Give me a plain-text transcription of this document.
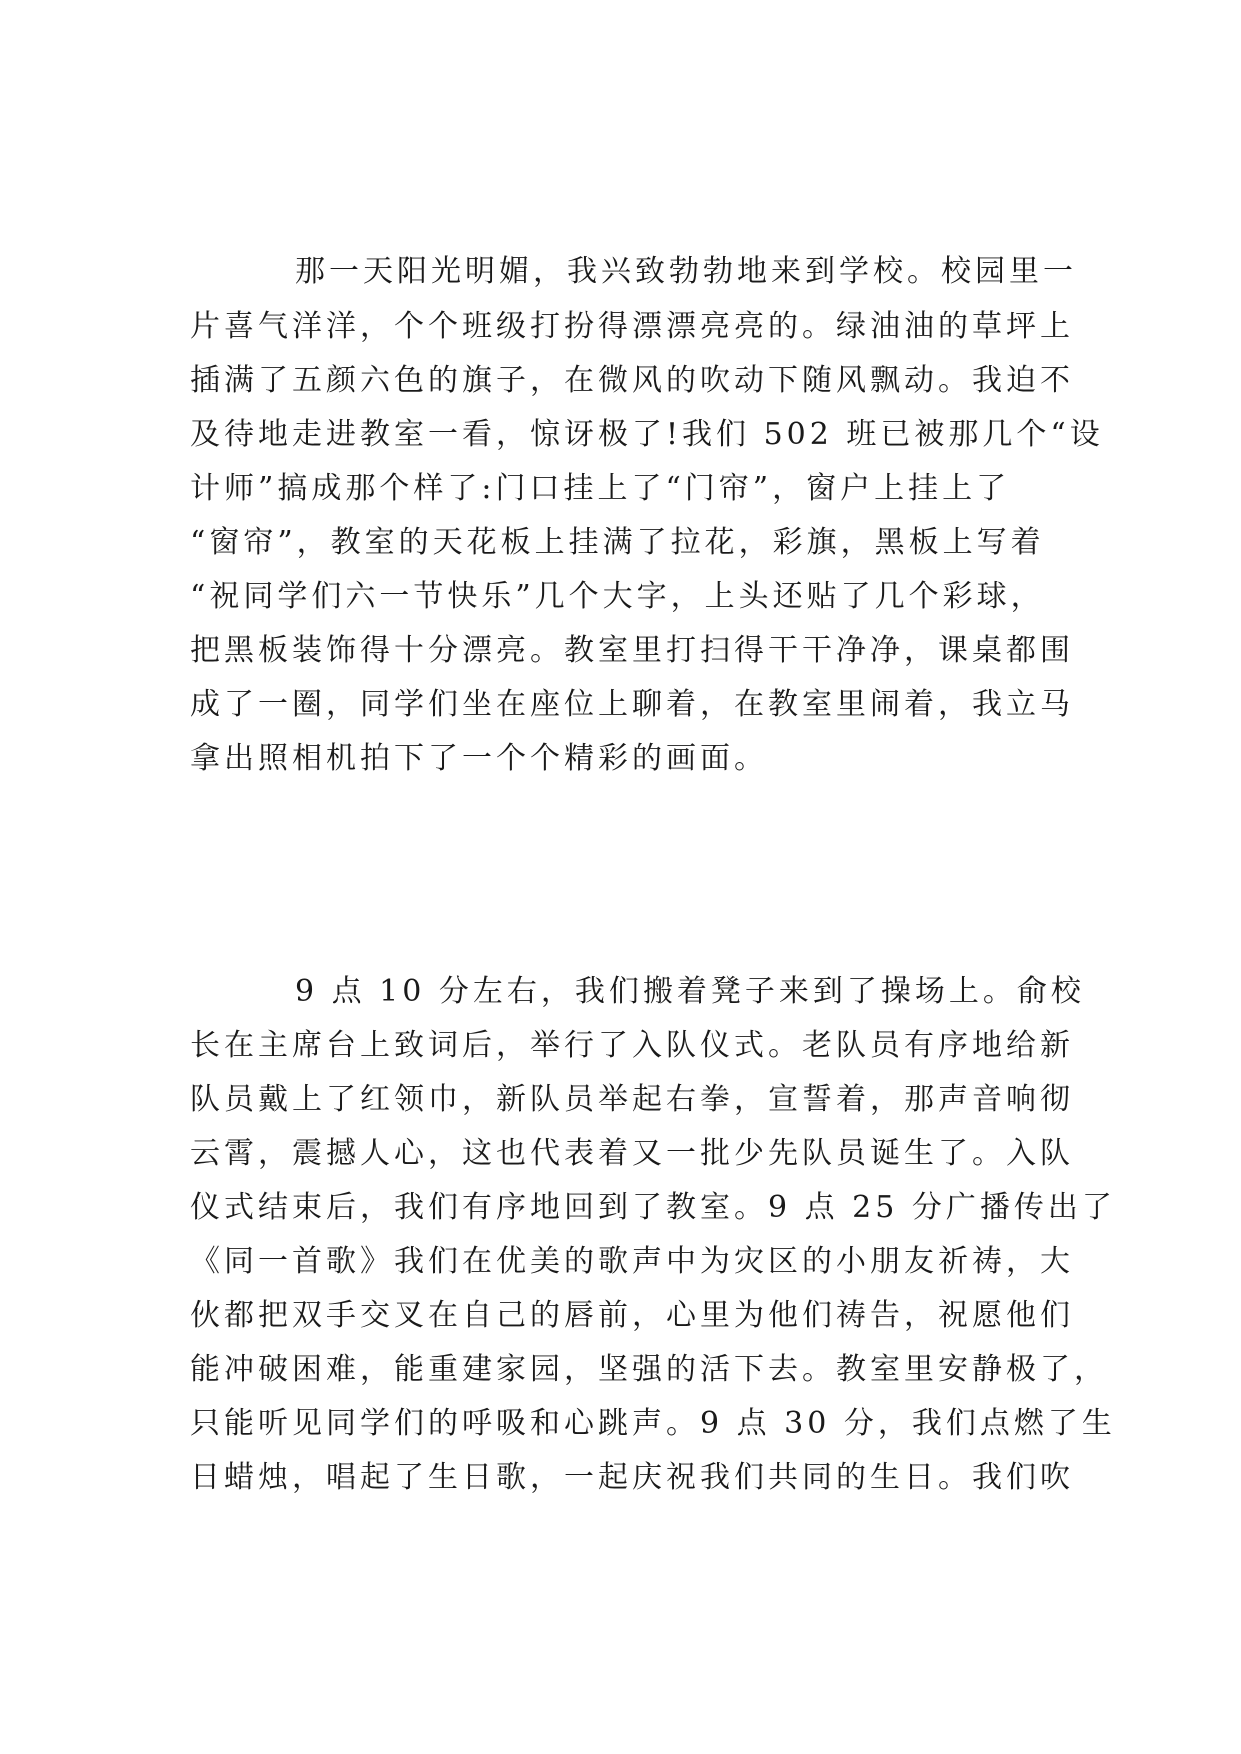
那一天阳光明媚，我兴致勃勃地来到学校。校园里一
片喜气洋洋，个个班级打扮得漂漂亮亮的。绿油油的草坪上
插满了五颜六色的旗子，在微风的吹动下随风飘动。我迫不
及待地走进教室一看，惊讶极了!我们 502 班已被那几个“设
计师”搞成那个样了:门口挂上了“门帘”，窗户上挂上了
“窗帘”，教室的天花板上挂满了拉花，彩旗，黑板上写着
“祝同学们六一节快乐”几个大字，上头还贴了几个彩球，
把黑板装饰得十分漂亮。教室里打扫得干干净净，课桌都围
成了一圈，同学们坐在座位上聊着，在教室里闹着，我立马
拿出照相机拍下了一个个精彩的画面。
9 点 10 分左右，我们搬着凳子来到了操场上。俞校
长在主席台上致词后，举行了入队仪式。老队员有序地给新
队员戴上了红领巾，新队员举起右拳，宣誓着，那声音响彻
云霄，震撼人心，这也代表着又一批少先队员诞生了。入队
仪式结束后，我们有序地回到了教室。9 点 25 分广播传出了
《同一首歌》我们在优美的歌声中为灾区的小朋友祈祷，大
伙都把双手交叉在自己的唇前，心里为他们祷告，祝愿他们
能冲破困难，能重建家园，坚强的活下去。教室里安静极了，
只能听见同学们的呼吸和心跳声。9 点 30 分，我们点燃了生
日蜡烛，唱起了生日歌，一起庆祝我们共同的生日。我们吹
